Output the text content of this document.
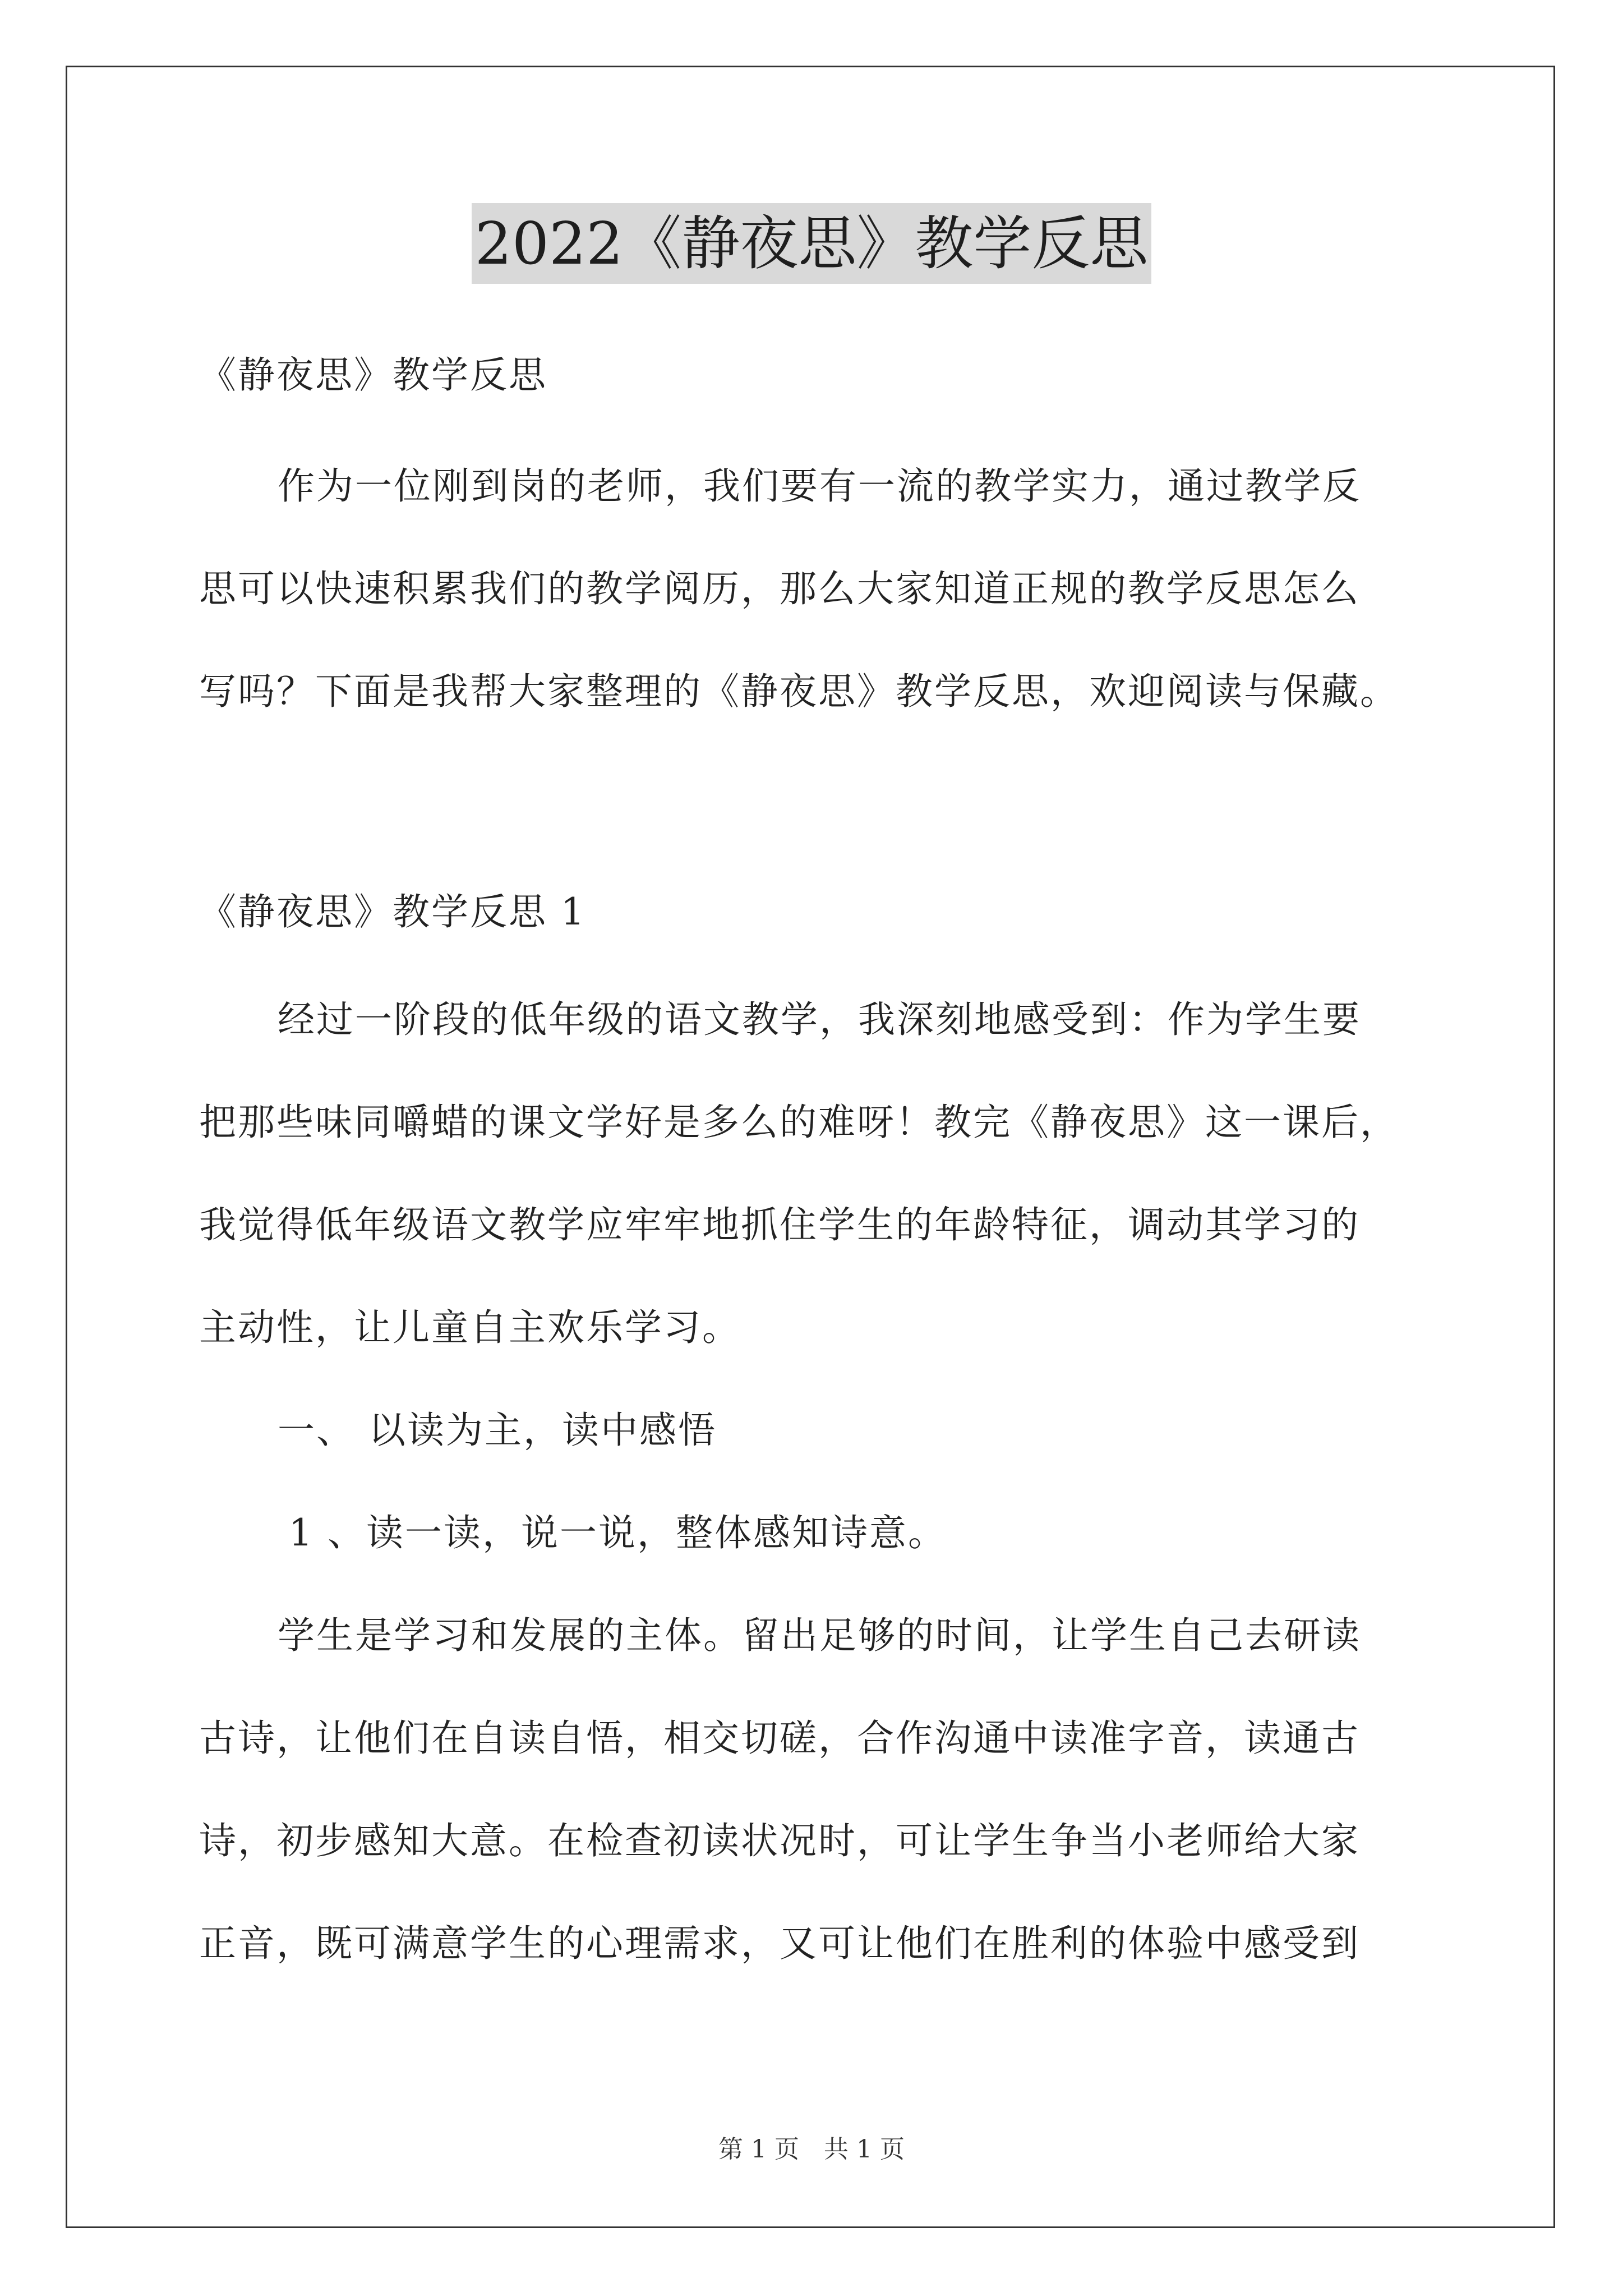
2022《静夜思》教学反思
《静夜思》教学反思
作为一位刚到岗的老师，我们要有一流的教学实力，通过教学反
思可以快速积累我们的教学阅历，那么大家知道正规的教学反思怎么
写吗？下面是我帮大家整理的《静夜思》教学反思，欢迎阅读与保藏。
《静夜思》教学反思 1
经过一阶段的低年级的语文教学，我深刻地感受到：作为学生要
把那些味同嚼蜡的课文学好是多么的难呀！教完《静夜思》这一课后，
我觉得低年级语文教学应牢牢地抓住学生的年龄特征，调动其学习的
主动性，让儿童自主欢乐学习。
一、 以读为主，读中感悟
1 、读一读，说一说，整体感知诗意。
学生是学习和发展的主体。留出足够的时间，让学生自己去研读
古诗，让他们在自读自悟，相交切磋，合作沟通中读准字音，读通古
诗，初步感知大意。在检查初读状况时，可让学生争当小老师给大家
正音，既可满意学生的心理需求，又可让他们在胜利的体验中感受到
第 1 页　共 1 页
